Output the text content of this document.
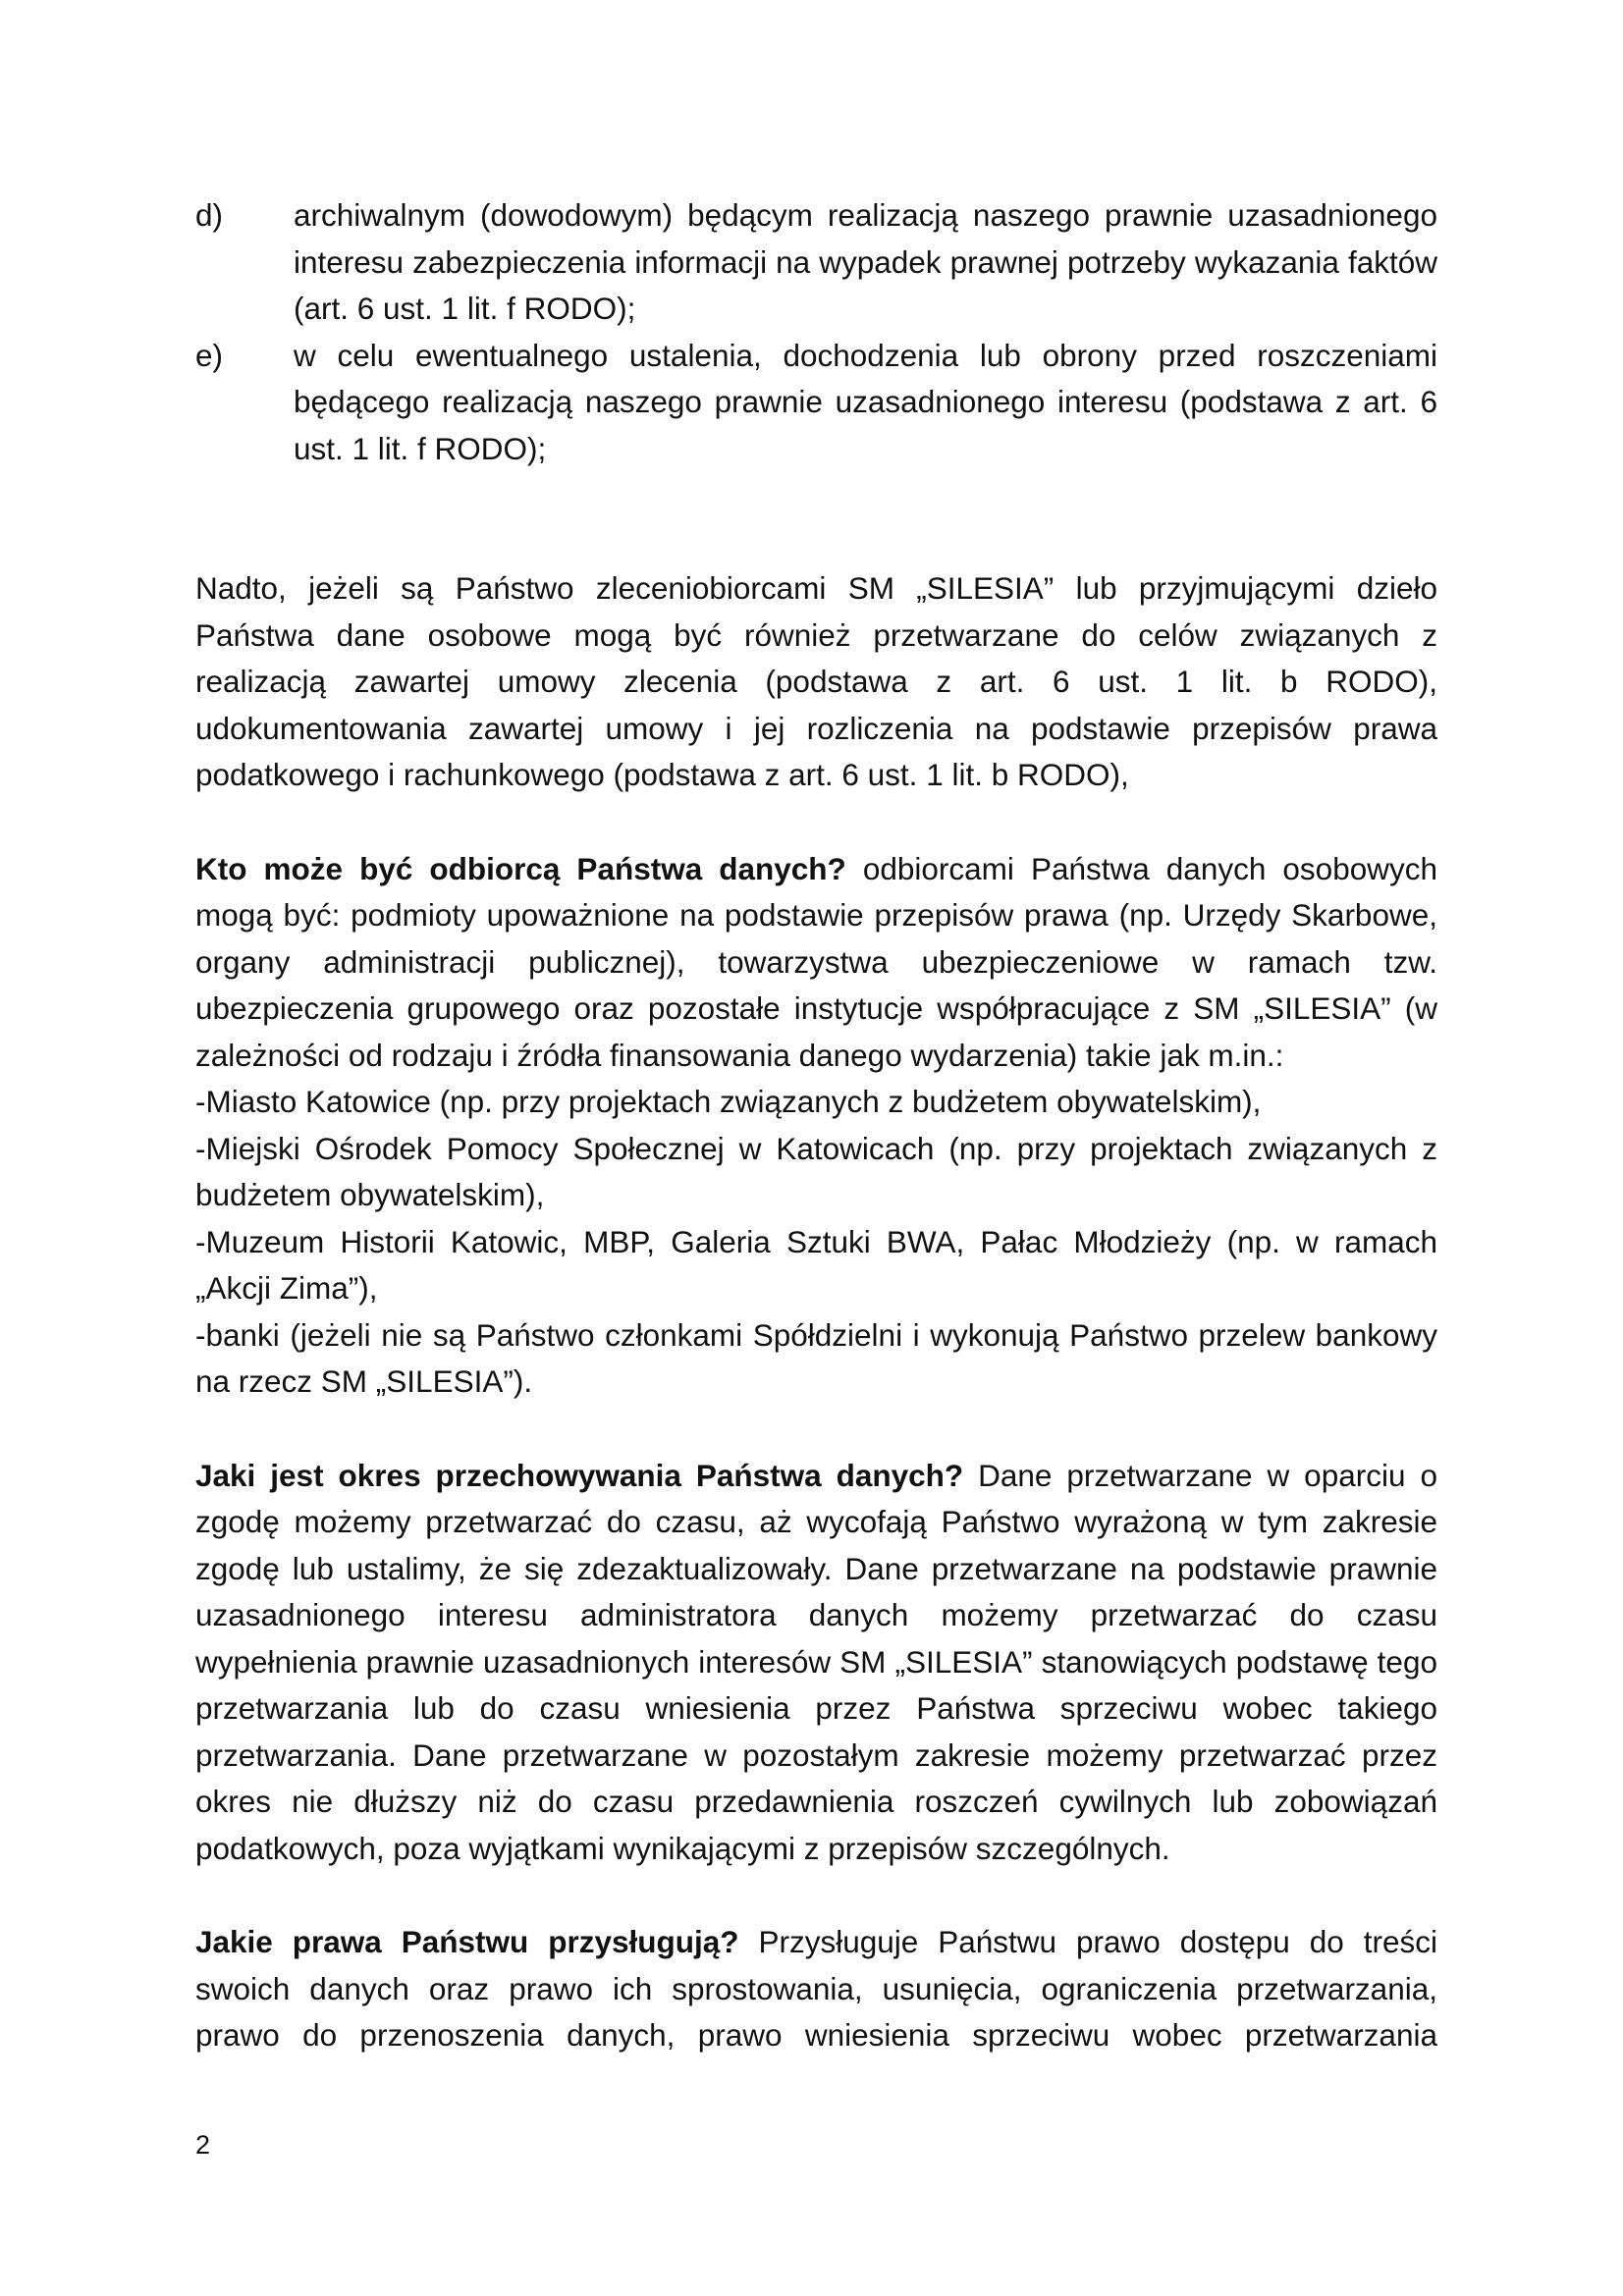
d)	archiwalnym (dowodowym) będącym realizacją naszego prawnie uzasadnionego interesu zabezpieczenia informacji na wypadek prawnej potrzeby wykazania faktów (art. 6 ust. 1 lit. f RODO);
e)	w celu ewentualnego ustalenia, dochodzenia lub obrony przed roszczeniami będącego realizacją naszego prawnie uzasadnionego interesu (podstawa z art. 6 ust. 1 lit. f RODO);

Nadto, jeżeli są Państwo zleceniobiorcami SM „SILESIA” lub przyjmującymi dzieło Państwa dane osobowe mogą być również przetwarzane do celów związanych z realizacją zawartej umowy zlecenia (podstawa z art. 6 ust. 1 lit. b RODO), udokumentowania zawartej umowy i jej rozliczenia na podstawie przepisów prawa podatkowego i rachunkowego (podstawa z art. 6 ust. 1 lit. b RODO),

Kto może być odbiorcą Państwa danych? odbiorcami Państwa danych osobowych mogą być: podmioty upoważnione na podstawie przepisów prawa (np. Urzędy Skarbowe, organy administracji publicznej), towarzystwa ubezpieczeniowe w ramach tzw. ubezpieczenia grupowego oraz pozostałe instytucje współpracujące z SM „SILESIA” (w zależności od rodzaju i źródła finansowania danego wydarzenia) takie jak m.in.:

-Miasto Katowice (np. przy projektach związanych z budżetem obywatelskim),

-Miejski Ośrodek Pomocy Społecznej w Katowicach (np. przy projektach związanych z budżetem obywatelskim),

-Muzeum Historii Katowic, MBP, Galeria Sztuki BWA, Pałac Młodzieży (np. w ramach „Akcji Zima”),

-banki (jeżeli nie są Państwo członkami Spółdzielni i wykonują Państwo przelew bankowy na rzecz SM „SILESIA”).

Jaki jest okres przechowywania Państwa danych? Dane przetwarzane w oparciu o zgodę możemy przetwarzać do czasu, aż wycofają Państwo wyrażoną w tym zakresie zgodę lub ustalimy, że się zdezaktualizowały. Dane przetwarzane na podstawie prawnie uzasadnionego interesu administratora danych możemy przetwarzać do czasu wypełnienia prawnie uzasadnionych interesów SM „SILESIA” stanowiących podstawę tego przetwarzania lub do czasu wniesienia przez Państwa sprzeciwu wobec takiego przetwarzania. Dane przetwarzane w pozostałym zakresie możemy przetwarzać przez okres nie dłuższy niż do czasu przedawnienia roszczeń cywilnych lub zobowiązań podatkowych, poza wyjątkami wynikającymi z przepisów szczególnych.

Jakie prawa Państwu przysługują? Przysługuje Państwu prawo dostępu do treści swoich danych oraz prawo ich sprostowania, usunięcia, ograniczenia przetwarzania, prawo do przenoszenia danych, prawo wniesienia sprzeciwu wobec przetwarzania

2
